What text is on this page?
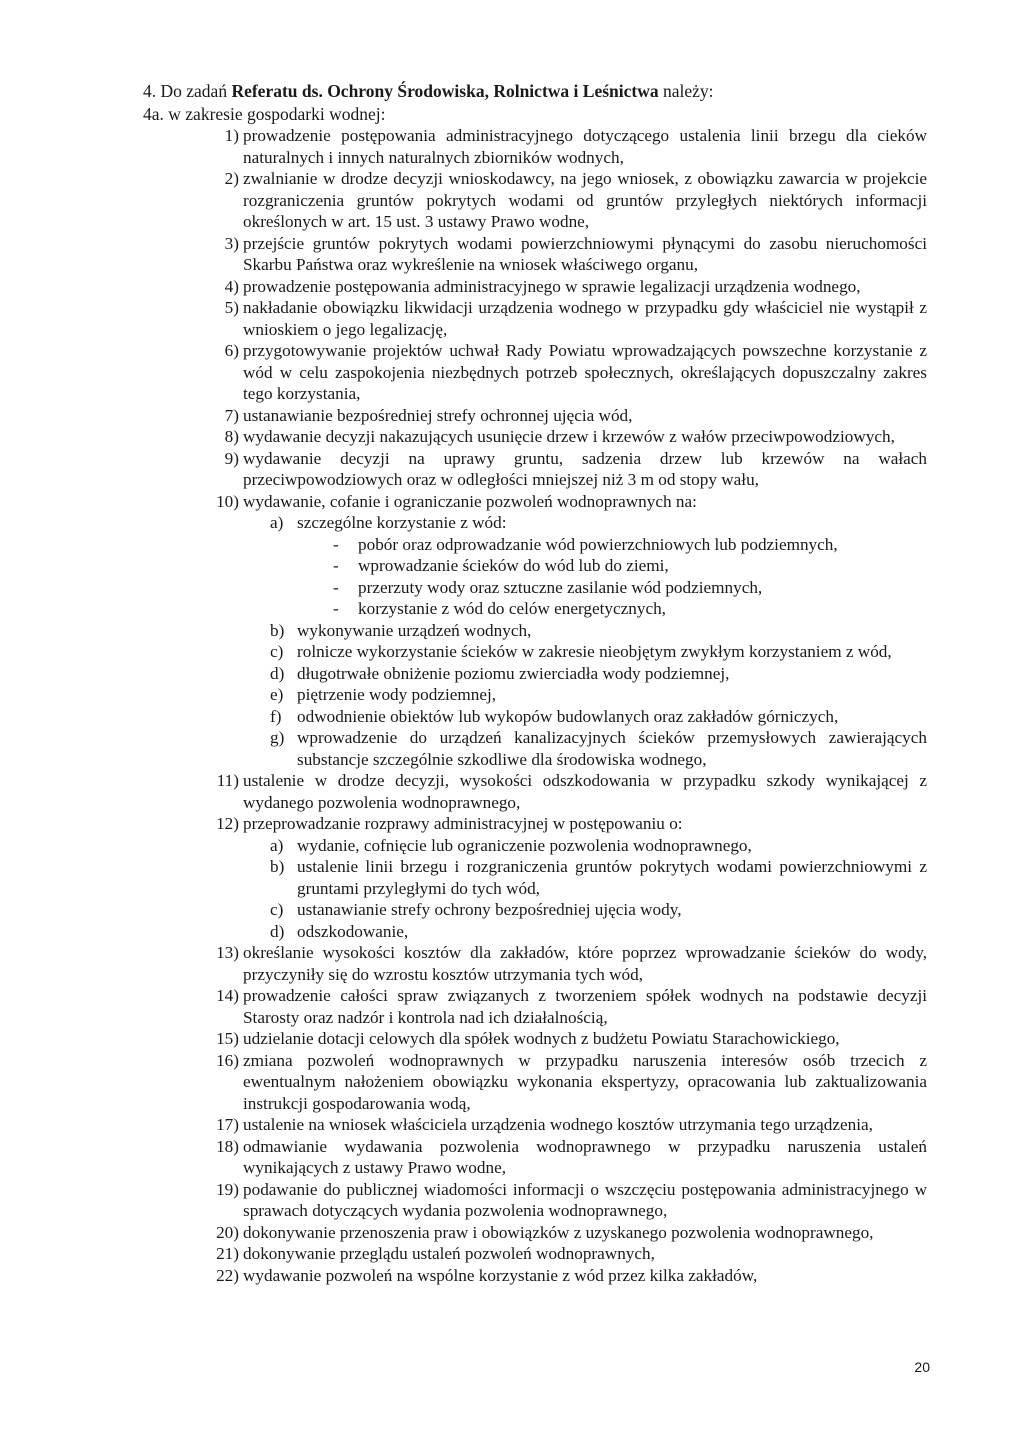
4. Do zadań Referatu ds. Ochrony Środowiska, Rolnictwa i Leśnictwa należy:
4a. w zakresie gospodarki wodnej:
1) prowadzenie postępowania administracyjnego dotyczącego ustalenia linii brzegu dla cieków naturalnych i innych naturalnych zbiorników wodnych,
2) zwalnianie w drodze decyzji wnioskodawcy, na jego wniosek, z obowiązku zawarcia w projekcie rozgraniczenia gruntów pokrytych wodami od gruntów przyległych niektórych informacji określonych w art. 15 ust. 3 ustawy Prawo wodne,
3) przejście gruntów pokrytych wodami powierzchniowymi płynącymi do zasobu nieruchomości Skarbu Państwa oraz wykreślenie na wniosek właściwego organu,
4) prowadzenie postępowania administracyjnego w sprawie legalizacji urządzenia wodnego,
5) nakładanie obowiązku likwidacji urządzenia wodnego w przypadku gdy właściciel nie wystąpił z wnioskiem o jego legalizację,
6) przygotowywanie projektów uchwał Rady Powiatu wprowadzających powszechne korzystanie z wód w celu zaspokojenia niezbędnych potrzeb społecznych, określających dopuszczalny zakres tego korzystania,
7) ustanawianie bezpośredniej strefy ochronnej ujęcia wód,
8) wydawanie decyzji nakazujących usunięcie drzew i krzewów z wałów przeciwpowodziowych,
9) wydawanie decyzji na uprawy gruntu, sadzenia drzew lub krzewów na wałach przeciwpowodziowych oraz w odległości mniejszej niż 3 m od stopy wału,
10) wydawanie, cofanie i ograniczanie pozwoleń wodnoprawnych na:
a) szczególne korzystanie z wód:
- pobór oraz odprowadzanie wód powierzchniowych lub podziemnych,
- wprowadzanie ścieków do wód lub do ziemi,
- przerzuty wody oraz sztuczne zasilanie wód podziemnych,
- korzystanie z wód do celów energetycznych,
b) wykonywanie urządzeń wodnych,
c) rolnicze wykorzystanie ścieków w zakresie nieobjętym zwykłym korzystaniem z wód,
d) długotrwałe obniżenie poziomu zwierciadła wody podziemnej,
e) piętrzenie wody podziemnej,
f) odwodnienie obiektów lub wykopów budowlanych oraz zakładów górniczych,
g) wprowadzenie do urządzeń kanalizacyjnych ścieków przemysłowych zawierających substancje szczególnie szkodliwe dla środowiska wodnego,
11) ustalenie w drodze decyzji, wysokości odszkodowania w przypadku szkody wynikającej z wydanego pozwolenia wodnoprawnego,
12) przeprowadzanie rozprawy administracyjnej w postępowaniu o:
a) wydanie, cofnięcie lub ograniczenie pozwolenia wodnoprawnego,
b) ustalenie linii brzegu i rozgraniczenia gruntów pokrytych wodami powierzchniowymi z gruntami przyległymi do tych wód,
c) ustanawianie strefy ochrony bezpośredniej ujęcia wody,
d) odszkodowanie,
13) określanie wysokości kosztów dla zakładów, które poprzez wprowadzanie ścieków do wody, przyczyniły się do wzrostu kosztów utrzymania tych wód,
14) prowadzenie całości spraw związanych z tworzeniem spółek wodnych na podstawie decyzji Starosty oraz nadzór i kontrola nad ich działalnością,
15) udzielanie dotacji celowych dla spółek wodnych z budżetu Powiatu Starachowickiego,
16) zmiana pozwoleń wodnoprawnych w przypadku naruszenia interesów osób trzecich z ewentualnym nałożeniem obowiązku wykonania ekspertyzy, opracowania lub zaktualizowania instrukcji gospodarowania wodą,
17) ustalenie na wniosek właściciela urządzenia wodnego kosztów utrzymania tego urządzenia,
18) odmawianie wydawania pozwolenia wodnoprawnego w przypadku naruszenia ustaleń wynikających z ustawy Prawo wodne,
19) podawanie do publicznej wiadomości informacji o wszczęciu postępowania administracyjnego w sprawach dotyczących wydania pozwolenia wodnoprawnego,
20) dokonywanie przenoszenia praw i obowiązków z uzyskanego pozwolenia wodnoprawnego,
21) dokonywanie przeglądu ustaleń pozwoleń wodnoprawnych,
22) wydawanie pozwoleń na wspólne korzystanie z wód przez kilka zakładów,
20
